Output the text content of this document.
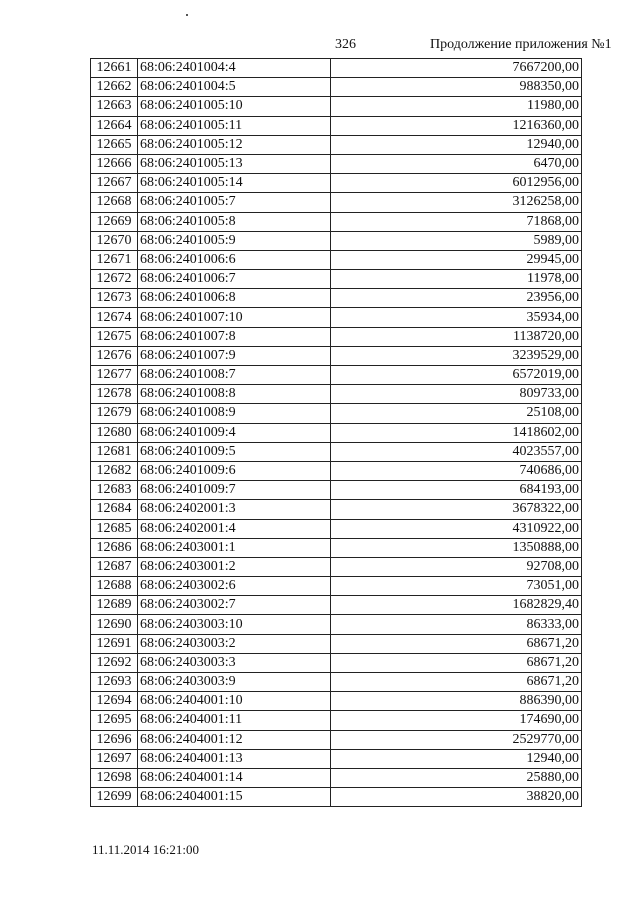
326	Продолжение приложения №1
12661	68:06:2401004:4	7667200,00
12662	68:06:2401004:5	988350,00
12663	68:06:2401005:10	11980,00
12664	68:06:2401005:11	1216360,00
12665	68:06:2401005:12	12940,00
12666	68:06:2401005:13	6470,00
12667	68:06:2401005:14	6012956,00
12668	68:06:2401005:7	3126258,00
12669	68:06:2401005:8	71868,00
12670	68:06:2401005:9	5989,00
12671	68:06:2401006:6	29945,00
12672	68:06:2401006:7	11978,00
12673	68:06:2401006:8	23956,00
12674	68:06:2401007:10	35934,00
12675	68:06:2401007:8	1138720,00
12676	68:06:2401007:9	3239529,00
12677	68:06:2401008:7	6572019,00
12678	68:06:2401008:8	809733,00
12679	68:06:2401008:9	25108,00
12680	68:06:2401009:4	1418602,00
12681	68:06:2401009:5	4023557,00
12682	68:06:2401009:6	740686,00
12683	68:06:2401009:7	684193,00
12684	68:06:2402001:3	3678322,00
12685	68:06:2402001:4	4310922,00
12686	68:06:2403001:1	1350888,00
12687	68:06:2403001:2	92708,00
12688	68:06:2403002:6	73051,00
12689	68:06:2403002:7	1682829,40
12690	68:06:2403003:10	86333,00
12691	68:06:2403003:2	68671,20
12692	68:06:2403003:3	68671,20
12693	68:06:2403003:9	68671,20
12694	68:06:2404001:10	886390,00
12695	68:06:2404001:11	174690,00
12696	68:06:2404001:12	2529770,00
12697	68:06:2404001:13	12940,00
12698	68:06:2404001:14	25880,00
12699	68:06:2404001:15	38820,00
11.11.2014 16:21:00
